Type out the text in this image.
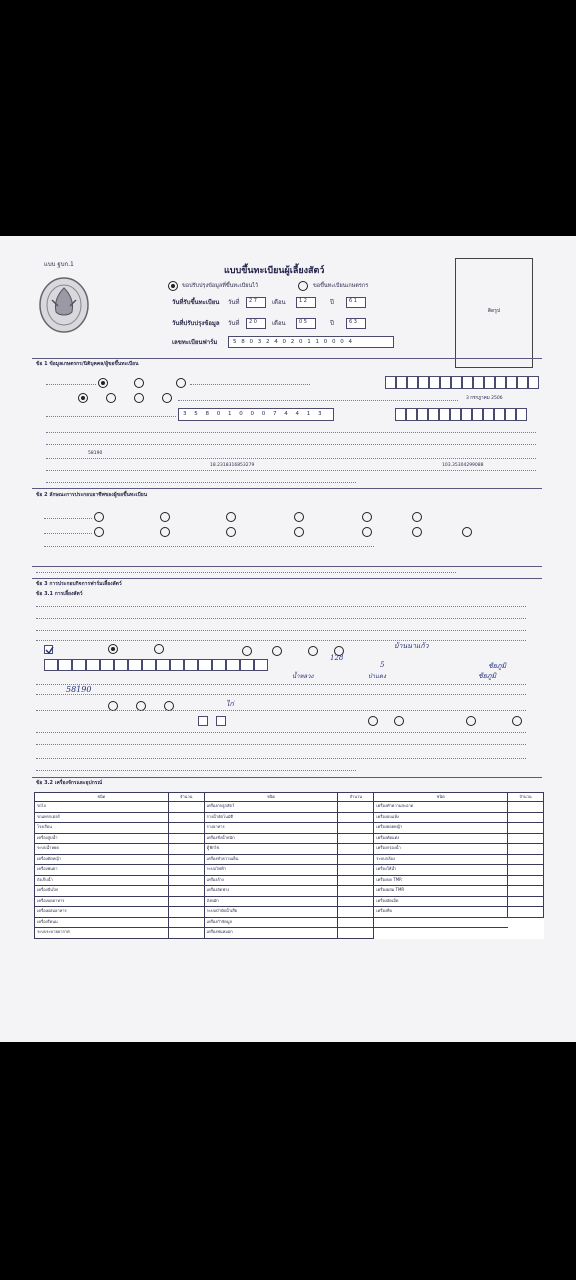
แบบ ฐบก.1
แบบขึ้นทะเบียนผู้เลี้ยงสัตว์
ขอปรับปรุงข้อมูลที่ขึ้นทะเบียนไว้	ขอขึ้นทะเบียนเกษตรกร
วันที่รับขึ้นทะเบียน วันที่	2 7	เดือน	1 2	ปี	6 1
วันที่ปรับปรุงข้อมูล วันที่	2 0	เดือน	0 5	ปี	6 3
เลขทะเบียนฟาร์ม	5 8 0 3 2 4 0 2 0 1 1 0 0 0 4
ติดรูป
ข้อ 1 ข้อมูลเกษตรกร/นิติบุคคล/ผู้ขอขึ้นทะเบียน
3 กรกฎาคม 2506
3 5 8 0 1 0 0 0 7 4 4 1 3
58190
18.2318316853279	103.35304299088
ข้อ 2 ลักษณะการประกอบอาชีพของผู้ขอขึ้นทะเบียน
ข้อ 3 การประกอบกิจการฟาร์มเลี้ยงสัตว์
ข้อ 3.1 การเลี้ยงสัตว์
บ้านนาแก้ว
128
5	ชัยภูมิ
น้ำหลวง	ป่าแดง	ชัยภูมิ
58190
ไก่
ข้อ 3.2 เครื่องจักรและอุปกรณ์
ชนิด	จำนวน	ชนิด	จำนวน	ชนิด	จำนวน
รถไถ		เครื่องกกลูกสัตว์		เครื่องทำความสะอาด	
รถแทรกเตอร์		รางน้ำอัตโนมัติ		เครื่องอบแห้ง	
โรงเรือน		รางอาหาร		เครื่องย่อยหญ้า	
เครื่องสูบน้ำ		เครื่องชั่งน้ำหนัก		เครื่องตัดแต่ง	
ระบบน้ำหยด		ตู้ฟักไข่		เครื่องกรองน้ำ	
เครื่องตัดหญ้า		เครื่องทำความเย็น		ระบบกล้อง	
เครื่องพ่นยา		ระบบไฟฟ้า		เครื่องให้น้ำ	
ถังเก็บน้ำ		เครื่องล้าง		เครื่องบด TMR	
เครื่องปั่นไฟ		เครื่องอัดฟาง		เครื่องผสม TMR	
เครื่องบดอาหาร		ถังหมัก		เครื่องอัดเม็ด	
เครื่องผสมอาหาร		ระบบบำบัดน้ำเสีย		เครื่องหีบ	
เครื่องรีดนม		เครื่องกำจัดมูล			
ระบบระบายอากาศ		เครื่องพ่นหมอก			
